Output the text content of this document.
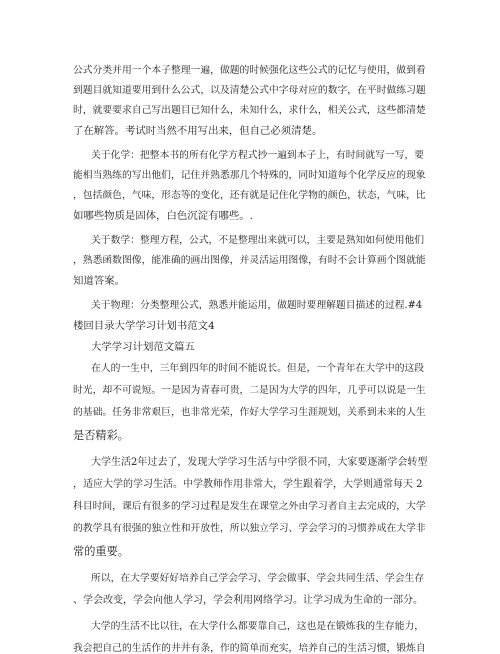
公式分类并用一个本子整理一遍，做题的时候强化这些公式的记忆与使用，做到看
到题目就知道要用到什么公式，以及清楚公式中字母对应的数字，在平时做练习题
时，就要要求自己写出题目已知什么，未知什么，求什么，相关公式，这些都清楚
了在解答。考试时当然不用写出来，但自己必须清楚。
关于化学：把整本书的所有化学方程式抄一遍到本子上，有时间就写一写，要
能相当熟练的写出他们，记住并熟悉那几个特殊的，同时知道每个化学反应的现象
，包括颜色，气味，形态等的变化，还有就是记住化学物的颜色，状态，气味，比
如哪些物质是固体，白色沉淀有哪些。.
关于数学：整理方程，公式，不是整理出来就可以，主要是熟知如何使用他们
，熟悉函数图像，能准确的画出图像，并灵活运用图像，有时不会计算画个图就能
知道答案。
关于物理：分类整理公式，熟悉并能运用，做题时要理解题目描述的过程.#4
楼回目录大学学习计划书范文4
大学学习计划范文篇五
在人的一生中，三年到四年的时间不能说长。但是，一个青年在大学中的这段
时光，却不可说短。一是因为青春可贵，二是因为大学的四年，几乎可以说是一生
的基础。任务非常艰巨，也非常光荣，作好大学学习生涯规划，关系到未来的人生
是否精彩。
大学生活2年过去了，发现大学学习生活与中学很不同，大家要逐渐学会转型
，适应大学的学习生活。中学教师作用非常大，学生跟着学，大学则通常每天 2
科目时间，课后有很多的学习过程是发生在课堂之外由学习者自主去完成的，大学
的教学具有很强的独立性和开放性，所以独立学习、学会学习的习惯养成在大学非
常的重要。
所以，在大学要好好培养自己学会学习、学会做事、学会共同生活、学会生存
、学会改变，学会向他人学习，学会利用网络学习。让学习成为生命的一部分。
大学的生活不比以往，在大学什么都要靠自己，这也是在锻炼我的生存能力，
我会把自己的生活作的井井有条，作的简单而充实，培养自己的生活习惯，锻炼自
